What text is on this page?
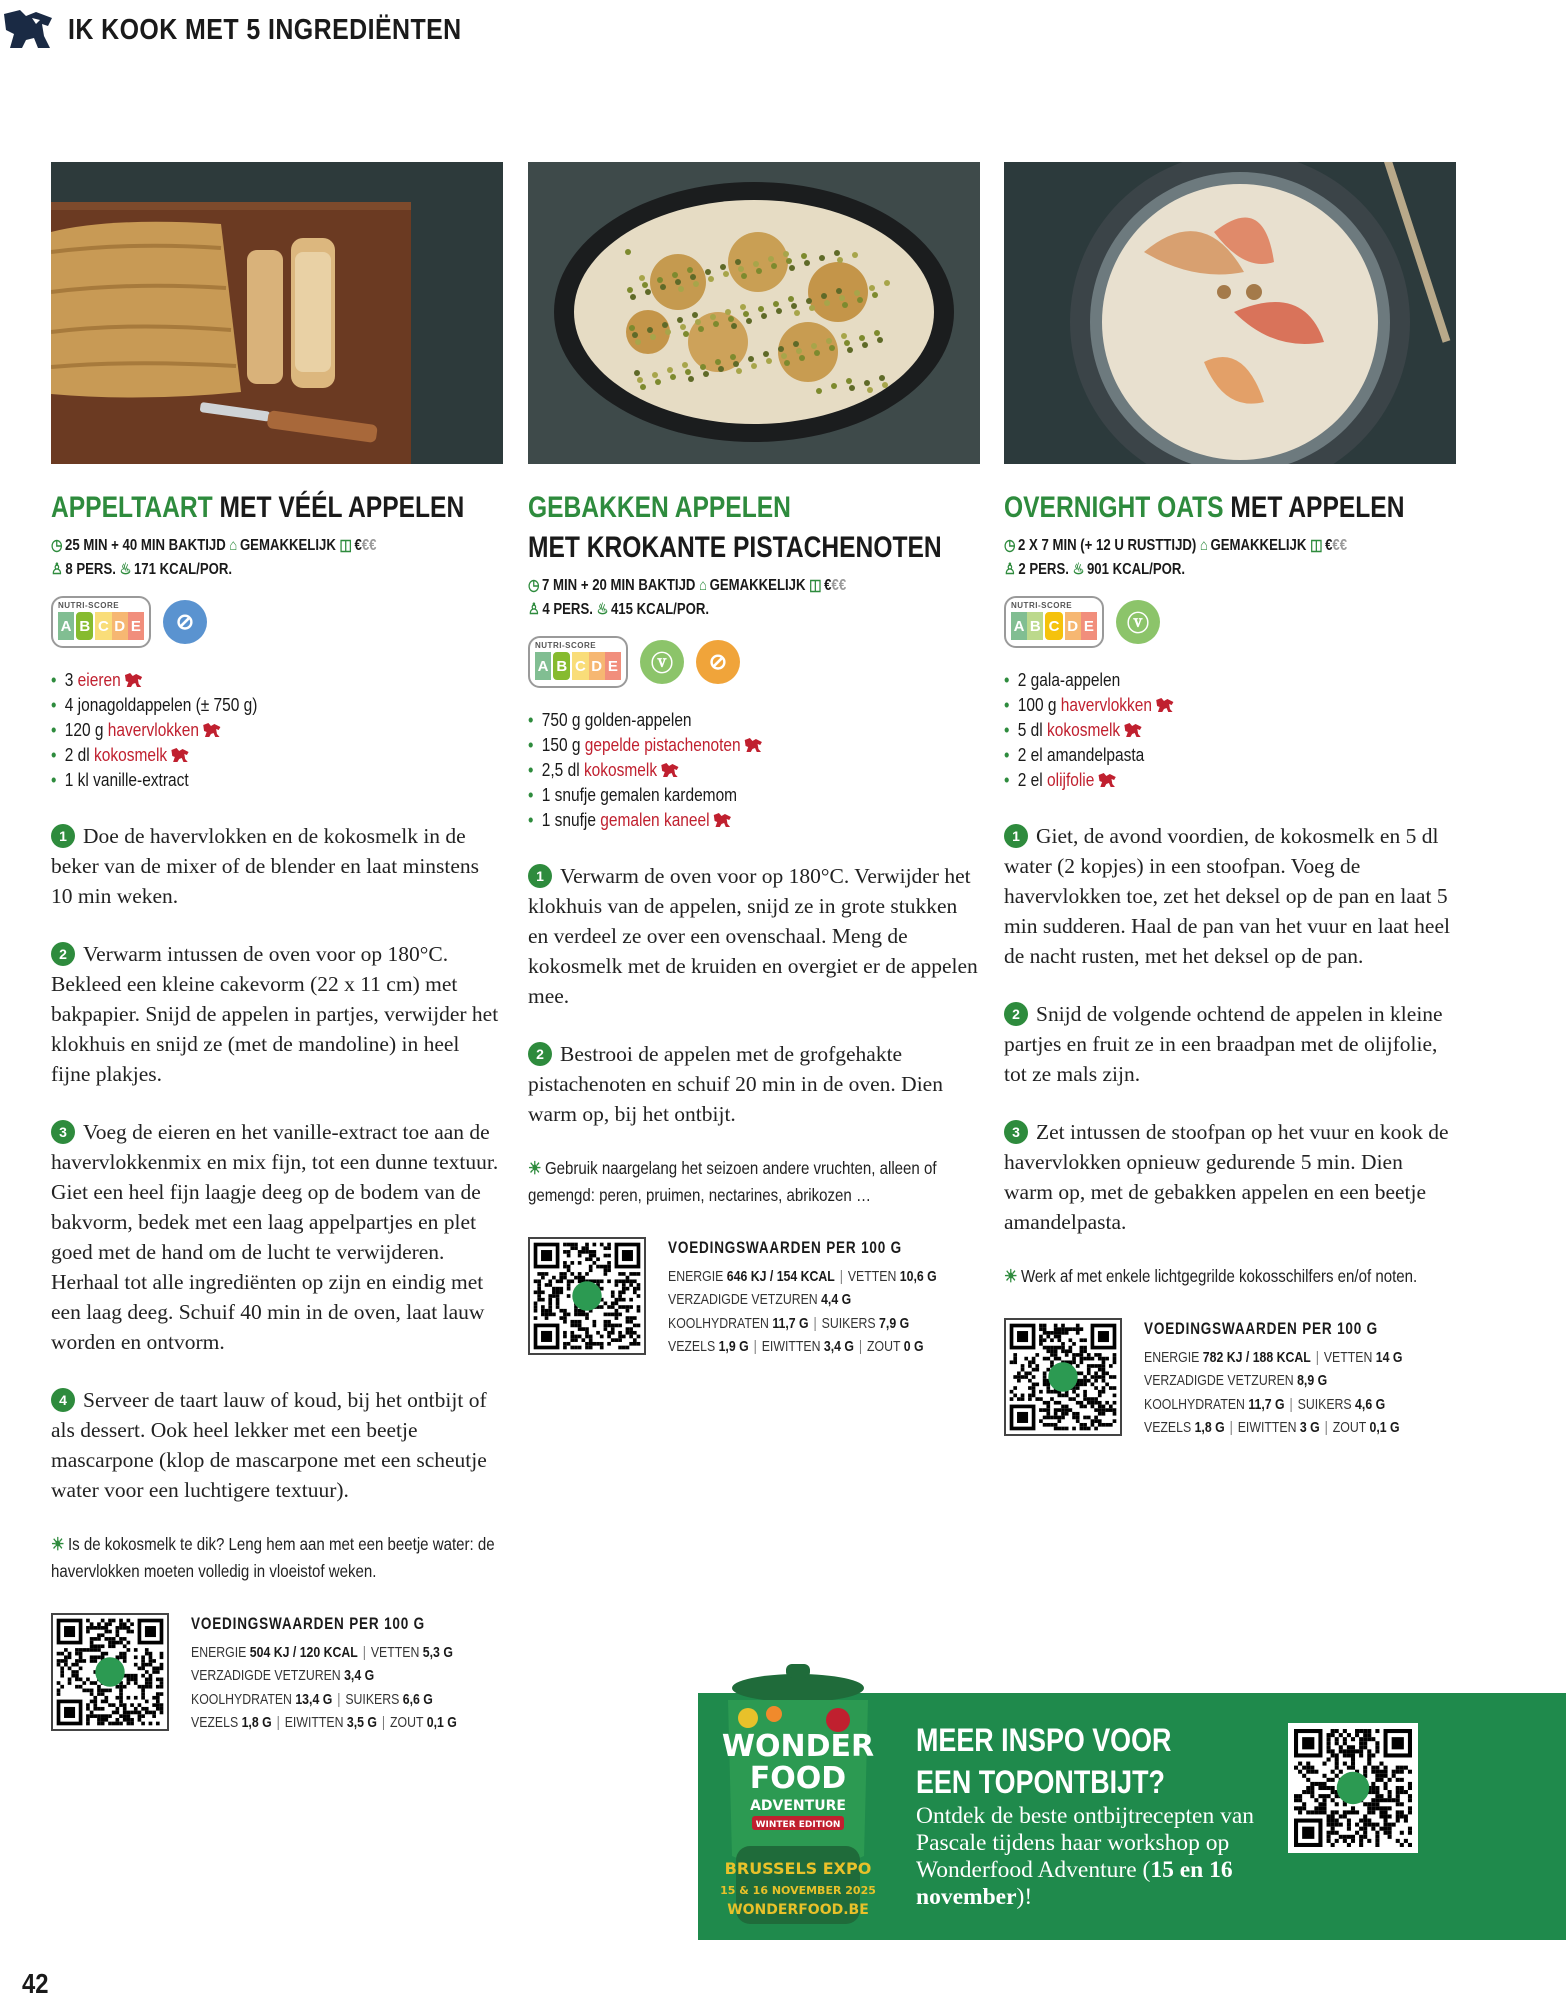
IK KOOK MET 5 INGREDIËNTEN
APPELTAART MET VÉÉL APPELEN
◷ 25 MIN + 40 MIN BAKTIJD ⌂ GEMAKKELIJK ◫ €€€
♙ 8 PERS. ♨ 171 KCAL/POR.
NUTRI-SCORE
A B C D E	⊘
• 3 eieren
• 4 jonagoldappelen (± 750 g)
• 120 g havervlokken
• 2 dl kokosmelk
• 1 kl vanille-extract
1 Doe de havervlokken en de kokosmelk in de beker van de mixer of de blender en laat minstens 10 min weken.
2 Verwarm intussen de oven voor op 180°C. Bekleed een kleine cakevorm (22 x 11 cm) met bakpapier. Snijd de appelen in partjes, verwijder het klokhuis en snijd ze (met de mandoline) in heel fijne plakjes.
3 Voeg de eieren en het vanille-extract toe aan de havervlokkenmix en mix fijn, tot een dunne textuur. Giet een heel fijn laagje deeg op de bodem van de bakvorm, bedek met een laag appelpartjes en plet goed met de hand om de lucht te verwijderen. Herhaal tot alle ingrediënten op zijn en eindig met een laag deeg. Schuif 40 min in de oven, laat lauw worden en ontvorm.
4 Serveer de taart lauw of koud, bij het ontbijt of als dessert. Ook heel lekker met een beetje mascarpone (klop de mascarpone met een scheutje water voor een luchtigere textuur).
☀ Is de kokosmelk te dik? Leng hem aan met een beetje water: de havervlokken moeten volledig in vloeistof weken.
VOEDINGSWAARDEN PER 100 G
ENERGIE 504 KJ / 120 KCAL | VETTEN 5,3 G
VERZADIGDE VETZUREN 3,4 G
KOOLHYDRATEN 13,4 G | SUIKERS 6,6 G
VEZELS 1,8 G | EIWITTEN 3,5 G | ZOUT 0,1 G
GEBAKKEN APPELEN
MET KROKANTE PISTACHENOTEN
◷ 7 MIN + 20 MIN BAKTIJD ⌂ GEMAKKELIJK ◫ €€€
♙ 4 PERS. ♨ 415 KCAL/POR.
NUTRI-SCORE
A B C D E	ⓥ	⊘
• 750 g golden-appelen
• 150 g gepelde pistachenoten
• 2,5 dl kokosmelk
• 1 snufje gemalen kardemom
• 1 snufje gemalen kaneel
1 Verwarm de oven voor op 180°C. Verwijder het klokhuis van de appelen, snijd ze in grote stukken en verdeel ze over een ovenschaal. Meng de kokosmelk met de kruiden en overgiet er de appelen mee.
2 Bestrooi de appelen met de grofgehakte pistachenoten en schuif 20 min in de oven. Dien warm op, bij het ontbijt.
☀ Gebruik naargelang het seizoen andere vruchten, alleen of gemengd: peren, pruimen, nectarines, abrikozen …
VOEDINGSWAARDEN PER 100 G
ENERGIE 646 KJ / 154 KCAL | VETTEN 10,6 G
VERZADIGDE VETZUREN 4,4 G
KOOLHYDRATEN 11,7 G | SUIKERS 7,9 G
VEZELS 1,9 G | EIWITTEN 3,4 G | ZOUT 0 G
OVERNIGHT OATS MET APPELEN
◷ 2 X 7 MIN (+ 12 U RUSTTIJD) ⌂ GEMAKKELIJK ◫ €€€
♙ 2 PERS. ♨ 901 KCAL/POR.
NUTRI-SCORE
A B C D E	ⓥ
• 2 gala-appelen
• 100 g havervlokken
• 5 dl kokosmelk
• 2 el amandelpasta
• 2 el olijfolie
1 Giet, de avond voordien, de kokosmelk en 5 dl water (2 kopjes) in een stoofpan. Voeg de havervlokken toe, zet het deksel op de pan en laat 5 min sudderen. Haal de pan van het vuur en laat heel de nacht rusten, met het deksel op de pan.
2 Snijd de volgende ochtend de appelen in kleine partjes en fruit ze in een braadpan met de olijfolie, tot ze mals zijn.
3 Zet intussen de stoofpan op het vuur en kook de havervlokken opnieuw gedurende 5 min. Dien warm op, met de gebakken appelen en een beetje amandelpasta.
☀ Werk af met enkele lichtgegrilde kokosschilfers en/of noten.
VOEDINGSWAARDEN PER 100 G
ENERGIE 782 KJ / 188 KCAL | VETTEN 14 G
VERZADIGDE VETZUREN 8,9 G
KOOLHYDRATEN 11,7 G | SUIKERS 4,6 G
VEZELS 1,8 G | EIWITTEN 3 G | ZOUT 0,1 G
MEER INSPO VOOR
EEN TOPONTBIJT?
Ontdek de beste ontbijtrecepten van Pascale tijdens haar workshop op Wonderfood Adventure (15 en 16 november)!
WONDER
FOOD
ADVENTURE
WINTER EDITION
BRUSSELS EXPO
15 & 16 NOVEMBER 2025
WONDERFOOD.BE
42
